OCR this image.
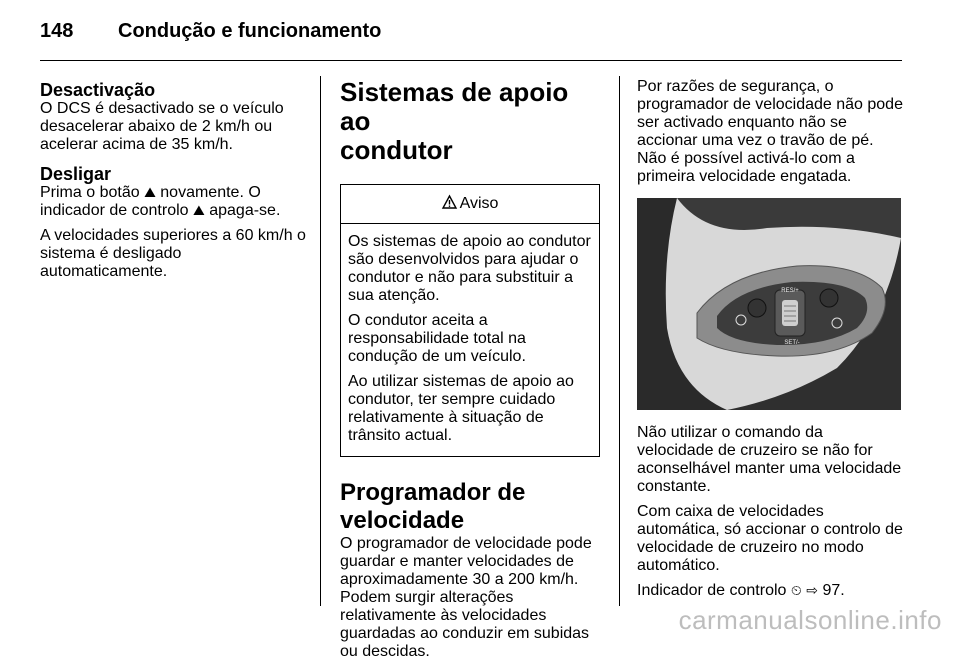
148 Condução e funcionamento
Desactivação

O DCS é desactivado se o veículo desacelerar abaixo de 2 km/h ou acelerar acima de 35 km/h.

Desligar

Prima o botão ⛰ novamente. O indicador de controlo ⛰ apaga-se.

A velocidades superiores a 60 km/h o sistema é desligado automaticamente.

Sistemas de apoio ao
condutor
Aviso

Os sistemas de apoio ao condutor são desenvolvidos para ajudar o condutor e não para substituir a sua atenção.

O condutor aceita a responsabilidade total na condução de um veículo.

Ao utilizar sistemas de apoio ao condutor, ter sempre cuidado relativamente à situação de trânsito actual.

Programador de
velocidade

O programador de velocidade pode guardar e manter velocidades de aproximadamente 30 a 200 km/h. Podem surgir alterações relativamente às velocidades guardadas ao conduzir em subidas ou descidas.

Por razões de segurança, o programador de velocidade não pode ser activado enquanto não se accionar uma vez o travão de pé. Não é possível activá-lo com a primeira velocidade engatada.

RES/+
SET/-

Não utilizar o comando da velocidade de cruzeiro se não for aconselhável manter uma velocidade constante.

Com caixa de velocidades automática, só accionar o controlo de velocidade de cruzeiro no modo automático.

Indicador de controlo ⏲ ⇨ 97.

carmanualsonline.info
